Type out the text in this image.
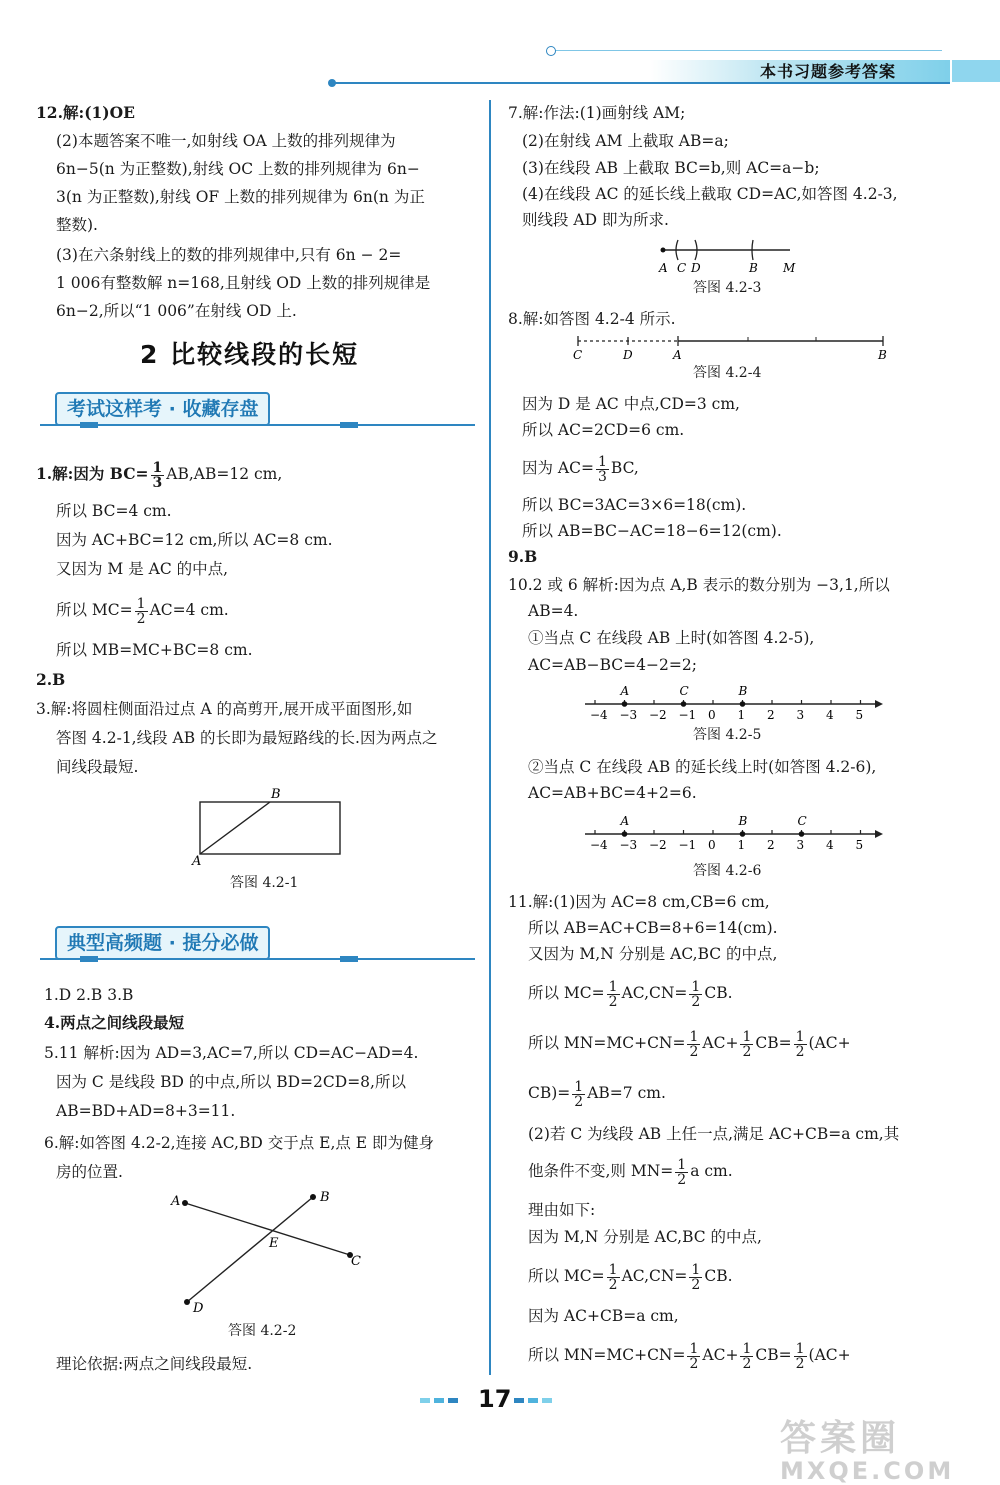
本书习题参考答案
12.解:(1)OE
(2)本题答案不唯一,如射线 OA 上数的排列规律为
6n−5(n 为正整数),射线 OC 上数的排列规律为 6n−
3(n 为正整数),射线 OF 上数的排列规律为 6n(n 为正
整数).
(3)在六条射线上的数的排列规律中,只有 6n − 2=
1 006有整数解 n=168,且射线 OD 上数的排列规律是
6n−2,所以“1 006”在射线 OD 上.
2 比较线段的长短
考试这样考 · 收藏存盘
1.解:因为 $BC= \frac{1}{3} AB,AB=12$ cm,
所以 BC=4 cm.
因为 AC+BC=12 cm,所以 AC=8 cm.
又因为 M 是 AC 的中点,
所以 $MC= \frac{1}{2} AC=4$ cm.
所以 MB=MC+BC=8 cm.
2.B
3.解:将圆柱侧面沿过点 A 的高剪开,展开成平面图形,如
答图 4.2-1,线段 AB 的长即为最短路线的长.因为两点之
间线段最短.
A
B
答图 4.2-1
典型高频题 · 提分必做
1.D 2.B 3.B
4.两点之间线段最短
5.11 解析:因为 AD=3,AC=7,所以 CD=AC−AD=4.
因为 C 是线段 BD 的中点,所以 BD=2CD=8,所以
AB=BD+AD=8+3=11.
6.解:如答图 4.2-2,连接 AC,BD 交于点 E,点 E 即为健身
房的位置.
A	B
C
D
E
答图 4.2-2
理论依据:两点之间线段最短.
7.解:作法:(1)画射线 AM;
(2)在射线 AM 上截取 AB=a;
(3)在线段 AB 上截取 BC=b,则 AC=a−b;
(4)在线段 AC 的延长线上截取 CD=AC,如答图 4.2-3,
则线段 AD 即为所求.
A C D	B M
答图 4.2-3
8.解:如答图 4.2-4 所示.
C	D	A	B
答图 4.2-4
因为 D 是 AC 中点,CD=3 cm,
所以 AC=2CD=6 cm.
因为 $AC= \frac{1}{3}$ BC,
所以 BC=3AC=3×6=18(cm).
所以 AB=BC−AC=18−6=12(cm).
9.B
10.2 或 6 解析:因为点 A,B 表示的数分别为 −3,1,所以
AB=4.
①当点 C 在线段 AB 上时(如答图 4.2-5),
AC=AB−BC=4−2=2;
−4 −3 −2 −1 0 1 2 3 4 5
A	C	B
答图 4.2-5
②当点 C 在线段 AB 的延长线上时(如答图 4.2-6),
AC=AB+BC=4+2=6.
−4 −3 −2 −1 0 1 2 3 4 5
A	B	C
答图 4.2-6
11.解:(1)因为 AC=8 cm,CB=6 cm,
所以 AB=AC+CB=8+6=14(cm).
又因为 M,N 分别是 AC,BC 的中点,
所以 $MC= \frac{1}{2} AC,CN= \frac{1}{2}$ CB.
所以 $MN=MC+CN= \frac{1}{2} AC+ \frac{1}{2} CB= \frac{1}{2} (AC+$
$CB)= \frac{1}{2} AB=7$ cm.
(2)若 C 为线段 AB 上任一点,满足 AC+CB=a cm,其
他条件不变,则 $MN= \frac{1}{2}$ a cm.
理由如下:
因为 M,N 分别是 AC,BC 的中点,
所以 $MC= \frac{1}{2} AC,CN= \frac{1}{2}$ CB.
因为 AC+CB=a cm,
所以 $MN=MC+CN= \frac{1}{2} AC+ \frac{1}{2} CB= \frac{1}{2} (AC+$
17
答案圈
MXQE.COM
